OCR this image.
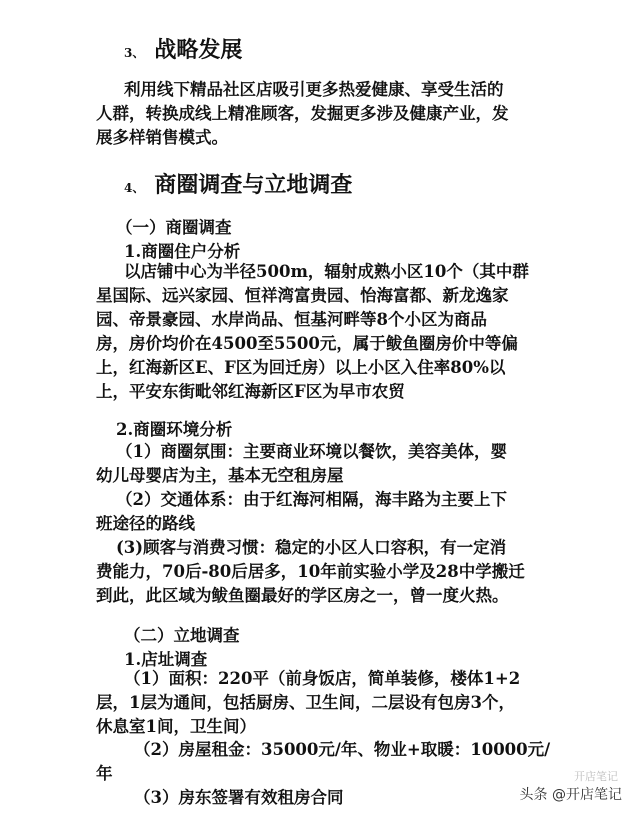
3、 战略发展
利用线下精品社区店吸引更多热爱健康、享受生活的
人群，转换成线上精准顾客，发掘更多涉及健康产业，发
展多样销售模式。
4、 商圈调查与立地调查
（一）商圈调查
1.商圈住户分析
以店铺中心为半径500m，辐射成熟小区10个（其中群
星国际、远兴家园、恒祥湾富贵园、怡海富都、新龙逸家
园、帝景豪园、水岸尚品、恒基河畔等8个小区为商品
房，房价均价在4500至5500元，属于鲅鱼圈房价中等偏
上，红海新区E、F区为回迁房）以上小区入住率80%以
上，平安东街毗邻红海新区F区为早市农贸
2.商圈环境分析
（1）商圈氛围：主要商业环境以餐饮，美容美体，婴
幼儿母婴店为主，基本无空租房屋
（2）交通体系：由于红海河相隔，海丰路为主要上下
班途径的路线
(3)顾客与消费习惯：稳定的小区人口容积，有一定消
费能力，70后-80后居多，10年前实验小学及28中学搬迁
到此，此区域为鲅鱼圈最好的学区房之一，曾一度火热。
（二）立地调查
1.店址调查
（1）面积：220平（前身饭店，简单装修，楼体1+2
层，1层为通间，包括厨房、卫生间，二层设有包房3个，
休息室1间，卫生间）
（2）房屋租金：35000元/年、物业+取暖：10000元/
年
（3）房东签署有效租房合同
开店笔记
头条 @开店笔记
